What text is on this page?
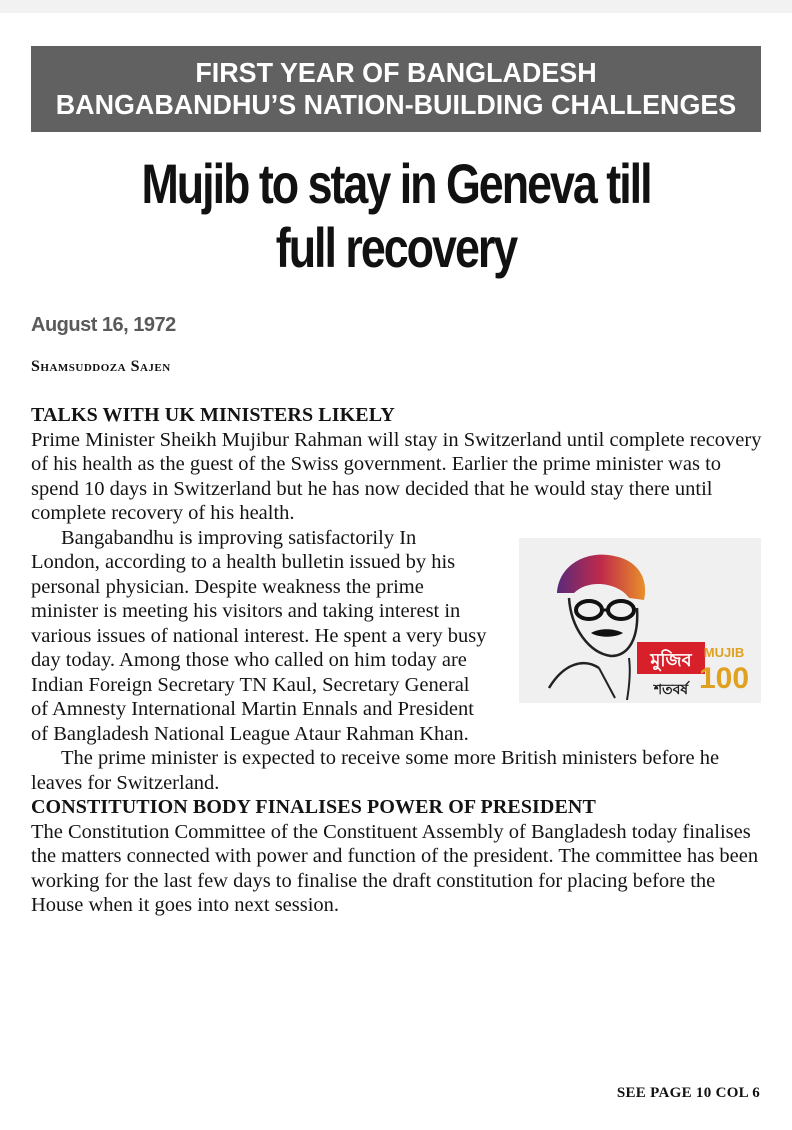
FIRST YEAR OF BANGLADESH
BANGABANDHU’S NATION-BUILDING CHALLENGES
Mujib to stay in Geneva till
full recovery
August 16, 1972
Shamsuddoza Sajen
TALKS WITH UK MINISTERS LIKELY

Prime Minister Sheikh Mujibur Rahman will stay in Switzerland until complete recovery of his health as the guest of the Swiss government. Earlier the prime minister was to spend 10 days in Switzerland but he has now decided that he would stay there until complete recovery of his health.

মুজিব
শতবর্ষ
MUJIB
100

Bangabandhu is improving satisfactorily In London, according to a health bulletin issued by his personal physician. Despite weakness the prime minister is meeting his visitors and taking interest in various issues of national interest. He spent a very busy day today. Among those who called on him today are Indian Foreign Secretary TN Kaul, Secretary General of Amnesty International Martin Ennals and President of Bangladesh National League Ataur Rahman Khan.

The prime minister is expected to receive some more British ministers before he leaves for Switzerland.

CONSTITUTION BODY FINALISES POWER OF PRESIDENT

The Constitution Committee of the Constituent Assembly of Bangladesh today finalises the matters connected with power and function of the president. The committee has been working for the last few days to finalise the draft constitution for placing before the House when it goes into next session.

SEE PAGE 10 COL 6
